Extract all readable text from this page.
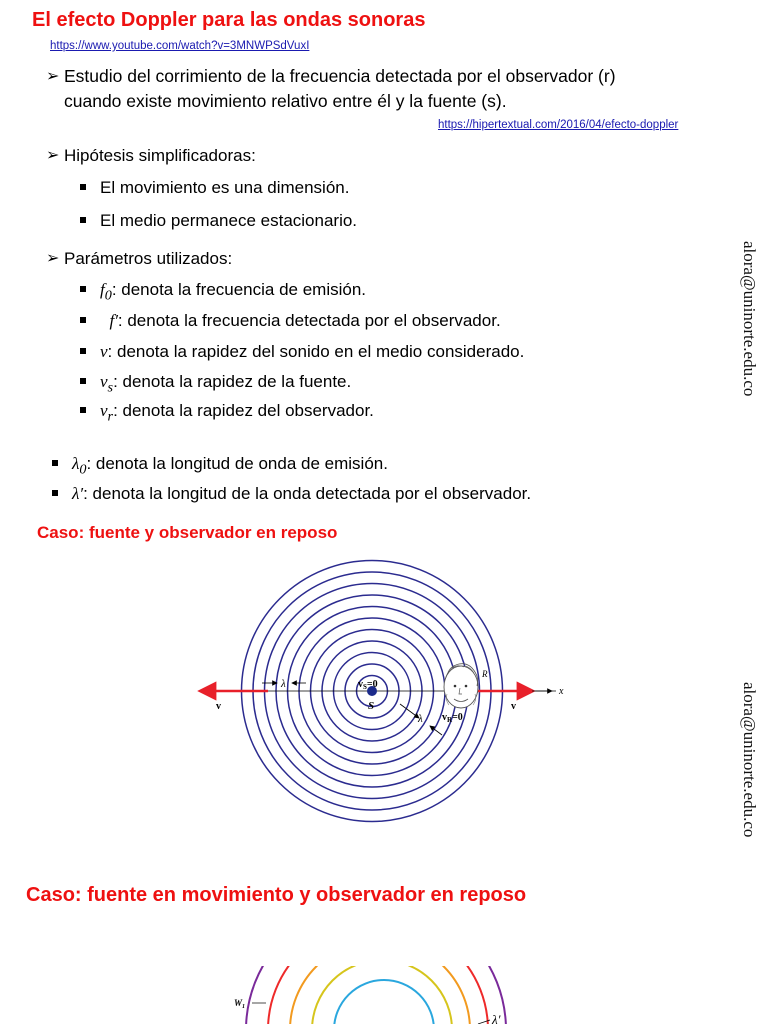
El efecto Doppler para las ondas sonoras
https://www.youtube.com/watch?v=3MNWPSdVuxI
➢ Estudio del corrimiento de la frecuencia detectada por el observador (r)
cuando existe movimiento relativo entre él y la fuente (s).
https://hipertextual.com/2016/04/efecto-doppler
➢ Hipótesis simplificadoras:
El movimiento es una dimensión.
El medio permanece estacionario.
➢ Parámetros utilizados:
$f_0$: denota la frecuencia de emisión.
f′: denota la frecuencia detectada por el observador.
v: denota la rapidez del sonido en el medio considerado.
$v_s$: denota la rapidez de la fuente.
$v_r$: denota la rapidez del observador.
$\lambda_0$: denota la longitud de onda de emisión.
λ′: denota la longitud de la onda detectada por el observador.
Caso: fuente y observador en reposo
x
S
$v_S=0$
v	v
λ
λ
R
$v_R=0$
Caso: fuente en movimiento y observador en reposo
$W_1$
λ′
alora@uninorte.edu.co
alora@uninorte.edu.co
